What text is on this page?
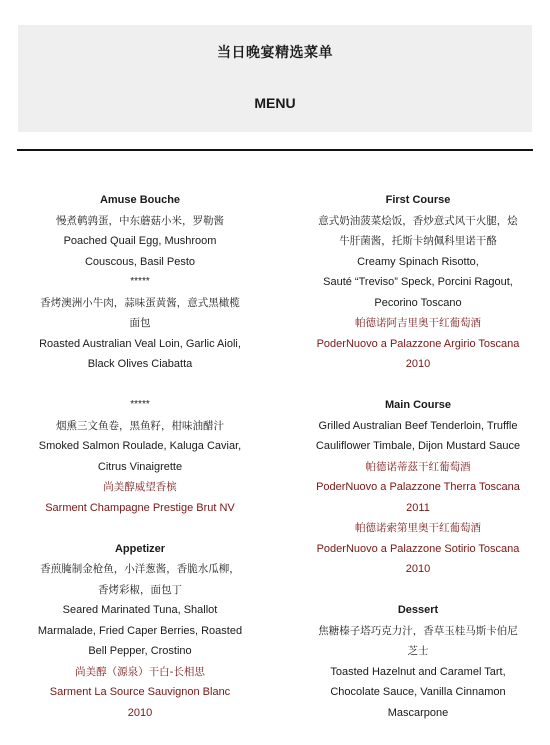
当日晚宴精选菜单
MENU
Amuse Bouche
慢煮鹌鹑蛋，中东蘑菇小米，罗勒酱
Poached Quail Egg, Mushroom
Couscous, Basil Pesto
*****
香烤澳洲小牛肉，蒜味蛋黄酱，意式黑橄榄
面包
Roasted Australian Veal Loin, Garlic Aioli,
Black Olives Ciabatta
*****
烟熏三文鱼卷，黑鱼籽，柑味油醋汁
Smoked Salmon Roulade, Kaluga Caviar,
Citrus Vinaigrette
尚美醇威望香槟
Sarment Champagne Prestige Brut NV
Appetizer
香煎腌制金枪鱼，小洋葱酱，香脆水瓜柳，
香烤彩椒，面包丁
Seared Marinated Tuna, Shallot
Marmalade, Fried Caper Berries, Roasted
Bell Pepper, Crostino
尚美醇（源泉）干白-长相思
Sarment La Source Sauvignon Blanc
2010
First Course
意式奶油菠菜烩饭，香炒意式风干火腿，烩
牛肝菌酱，托斯卡纳佩科里诺干酪
Creamy Spinach Risotto,
Sauté “Treviso” Speck, Porcini Ragout,
Pecorino Toscano
帕德诺阿吉里奥干红葡萄酒
PoderNuovo a Palazzone Argirio Toscana
2010
Main Course
Grilled Australian Beef Tenderloin, Truffle
Cauliflower Timbale, Dijon Mustard Sauce
帕德诺蒂茲干红葡萄酒
PoderNuovo a Palazzone Therra Toscana
2011
帕德诺索第里奥干红葡萄酒
PoderNuovo a Palazzone Sotirio Toscana
2010
Dessert
焦糖榛子塔巧克力汁，香草玉桂马斯卡伯尼
芝士
Toasted Hazelnut and Caramel Tart,
Chocolate Sauce, Vanilla Cinnamon
Mascarpone
